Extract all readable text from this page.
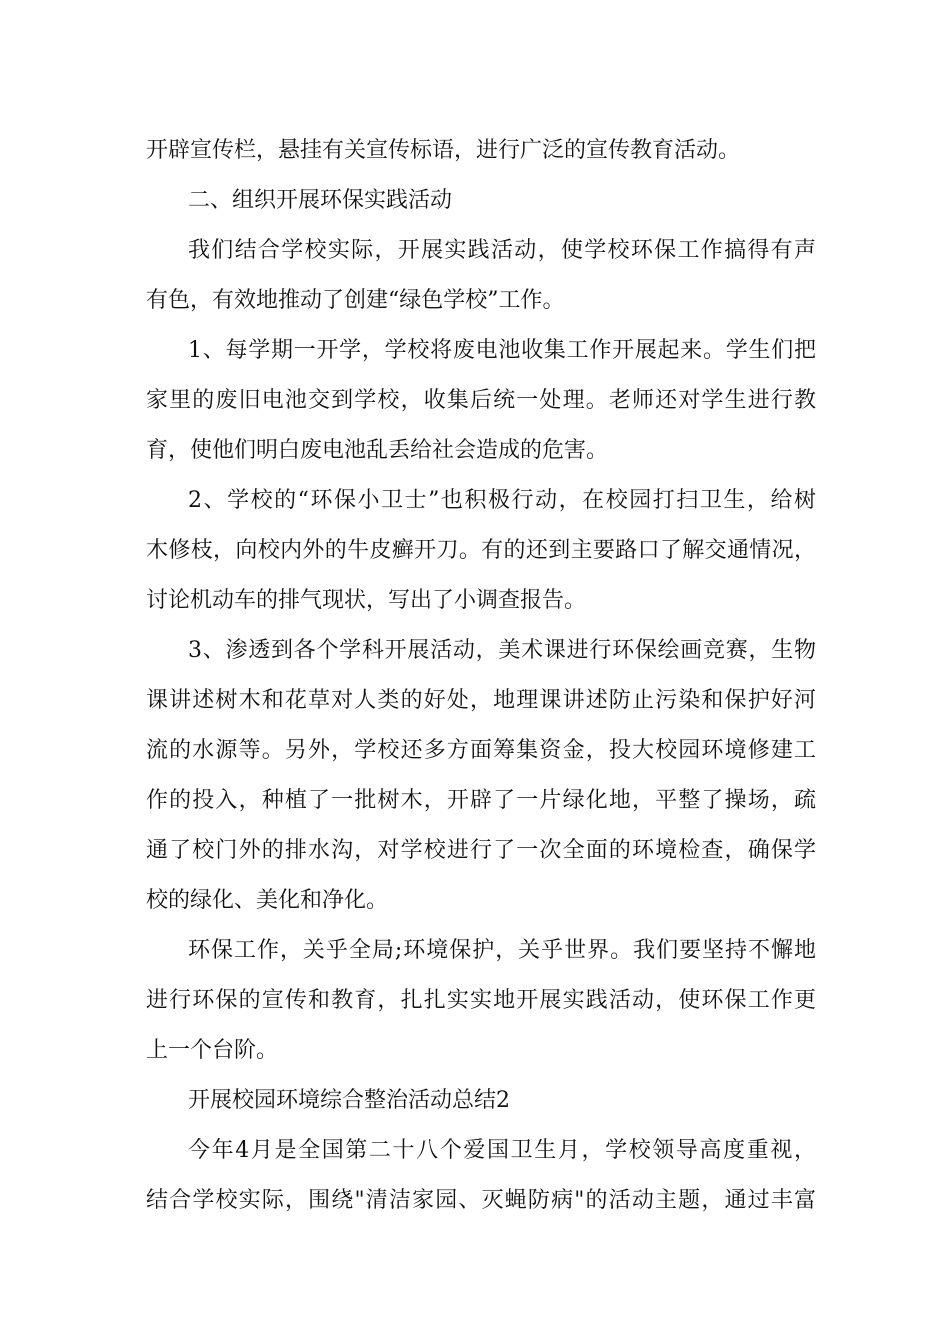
开辟宣传栏，悬挂有关宣传标语，进行广泛的宣传教育活动。
二、组织开展环保实践活动
我们结合学校实际，开展实践活动，使学校环保工作搞得有声
有色，有效地推动了创建“绿色学校”工作。
1、每学期一开学，学校将废电池收集工作开展起来。学生们把
家里的废旧电池交到学校，收集后统一处理。老师还对学生进行教
育，使他们明白废电池乱丢给社会造成的危害。
2、学校的“环保小卫士”也积极行动，在校园打扫卫生，给树
木修枝，向校内外的牛皮癣开刀。有的还到主要路口了解交通情况，
讨论机动车的排气现状，写出了小调查报告。
3、渗透到各个学科开展活动，美术课进行环保绘画竞赛，生物
课讲述树木和花草对人类的好处，地理课讲述防止污染和保护好河
流的水源等。另外，学校还多方面筹集资金，投大校园环境修建工
作的投入，种植了一批树木，开辟了一片绿化地，平整了操场，疏
通了校门外的排水沟，对学校进行了一次全面的环境检查，确保学
校的绿化、美化和净化。
环保工作，关乎全局;环境保护，关乎世界。我们要坚持不懈地
进行环保的宣传和教育，扎扎实实地开展实践活动，使环保工作更
上一个台阶。
开展校园环境综合整治活动总结2
今年4月是全国第二十八个爱国卫生月，学校领导高度重视，
结合学校实际，围绕"清洁家园、灭蝇防病"的活动主题，通过丰富
